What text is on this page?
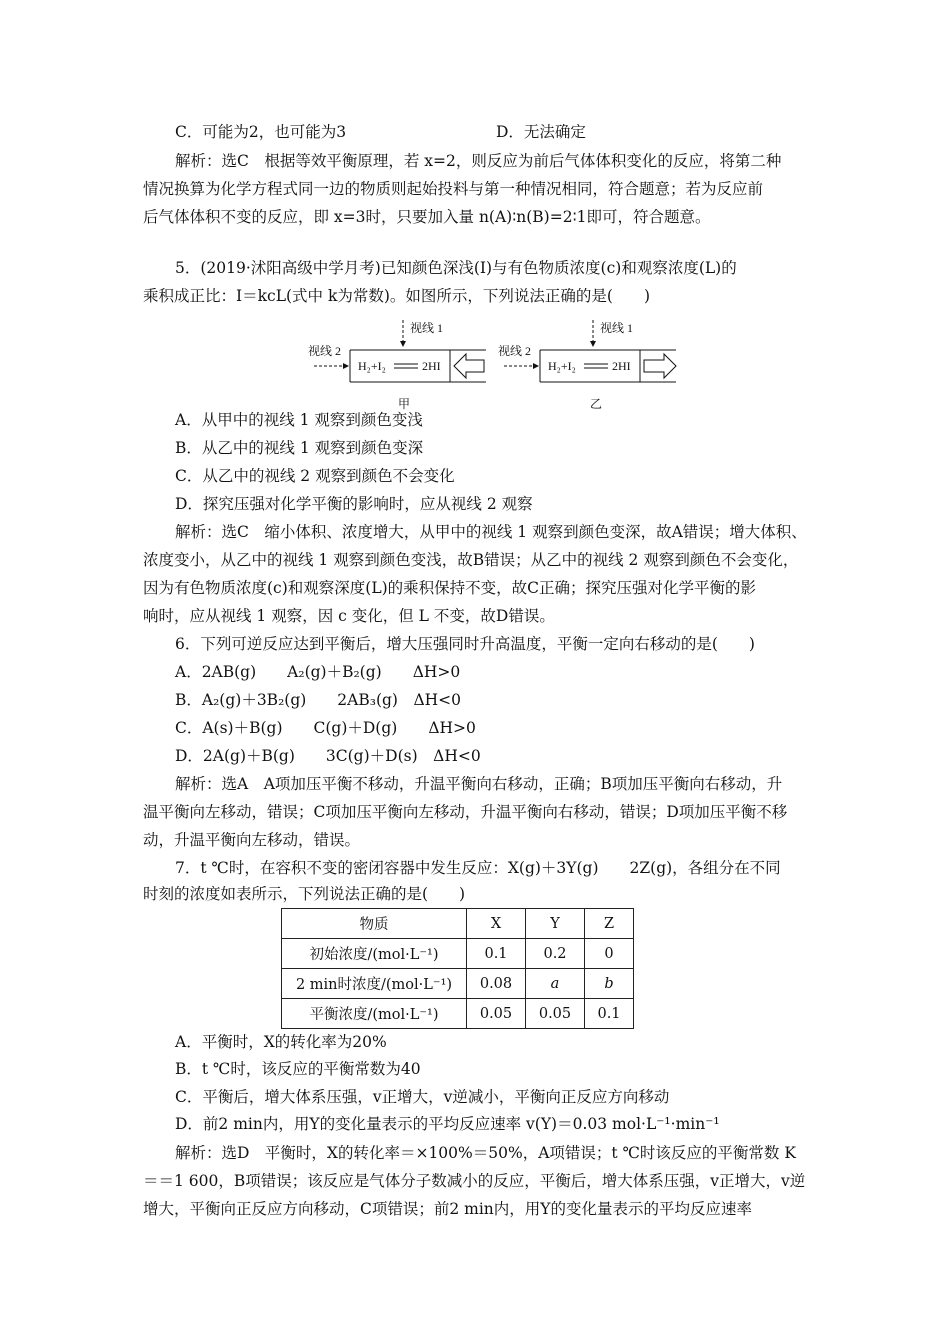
C．可能为2，也可能为3	D．无法确定
解析：选C　根据等效平衡原理，若 x=2，则反应为前后气体体积变化的反应，将第二种
情况换算为化学方程式同一边的物质则起始投料与第一种情况相同，符合题意；若为反应前
后气体体积不变的反应，即 x=3时，只要加入量 n(A)∶n(B)=2∶1即可，符合题意。
5．(2019·沭阳高级中学月考)已知颜色深浅(I)与有色物质浓度(c)和观察浓度(L)的
乘积成正比：I＝kcL(式中 k为常数)。如图所示，下列说法正确的是(　　)
视线 1
视线 2
H₂+I₂	2HI
甲
视线 1
视线 2
H₂+I₂	2HI
乙
A．从甲中的视线 1 观察到颜色变浅
B．从乙中的视线 1 观察到颜色变深
C．从乙中的视线 2 观察到颜色不会变化
D．探究压强对化学平衡的影响时，应从视线 2 观察
解析：选C　缩小体积、浓度增大，从甲中的视线 1 观察到颜色变深，故A错误；增大体积、
浓度变小，从乙中的视线 1 观察到颜色变浅，故B错误；从乙中的视线 2 观察到颜色不会变化，
因为有色物质浓度(c)和观察深度(L)的乘积保持不变，故C正确；探究压强对化学平衡的影
响时，应从视线 1 观察，因 c 变化，但 L 不变，故D错误。
6．下列可逆反应达到平衡后，增大压强同时升高温度，平衡一定向右移动的是(　　)
A．2AB(g)　　A₂(g)＋B₂(g)　　ΔH>0
B．A₂(g)＋3B₂(g)　　2AB₃(g)　ΔH<0
C．A(s)＋B(g)　　C(g)＋D(g)　　ΔH>0
D．2A(g)＋B(g)　　3C(g)＋D(s)　ΔH<0
解析：选A　A项加压平衡不移动，升温平衡向右移动，正确；B项加压平衡向右移动，升
温平衡向左移动，错误；C项加压平衡向左移动，升温平衡向右移动，错误；D项加压平衡不移
动，升温平衡向左移动，错误。
7．t ℃时，在容积不变的密闭容器中发生反应：X(g)＋3Y(g)　　2Z(g)，各组分在不同
时刻的浓度如表所示，下列说法正确的是(　　)
物质	X	Y	Z
初始浓度/(mol·L⁻¹)	0.1	0.2	0
2 min时浓度/(mol·L⁻¹)	0.08	a	b
平衡浓度/(mol·L⁻¹)	0.05	0.05	0.1
A．平衡时，X的转化率为20%
B．t ℃时，该反应的平衡常数为40
C．平衡后，增大体系压强，v正增大，v逆减小，平衡向正反应方向移动
D．前2 min内，用Y的变化量表示的平均反应速率 v(Y)＝0.03 mol·L⁻¹·min⁻¹
解析：选D　平衡时，X的转化率＝×100%＝50%，A项错误；t ℃时该反应的平衡常数 K
＝＝1 600，B项错误；该反应是气体分子数减小的反应，平衡后，增大体系压强，v正增大，v逆
增大，平衡向正反应方向移动，C项错误；前2 min内，用Y的变化量表示的平均反应速率
